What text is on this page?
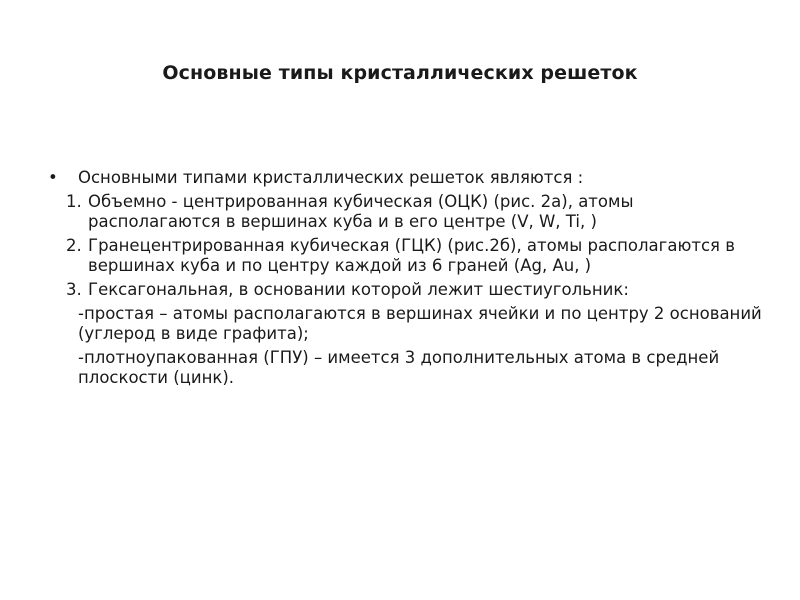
Основные типы кристаллических решеток
• Основными типами кристаллических решеток являются :
1. Объемно - центрированная кубическая (ОЦК) (рис. 2а), атомы располагаются в вершинах куба и в его центре (V, W, Ti, )
2. Гранецентрированная кубическая (ГЦК) (рис.2б), атомы располагаются в вершинах куба и по центру каждой из 6 граней (Ag, Au, )
3. Гексагональная, в основании которой лежит шестиугольник:
-простая – атомы располагаются в вершинах ячейки и по центру 2 оснований (углерод в виде графита);
-плотноупакованная (ГПУ) – имеется 3 дополнительных атома в средней плоскости (цинк).
